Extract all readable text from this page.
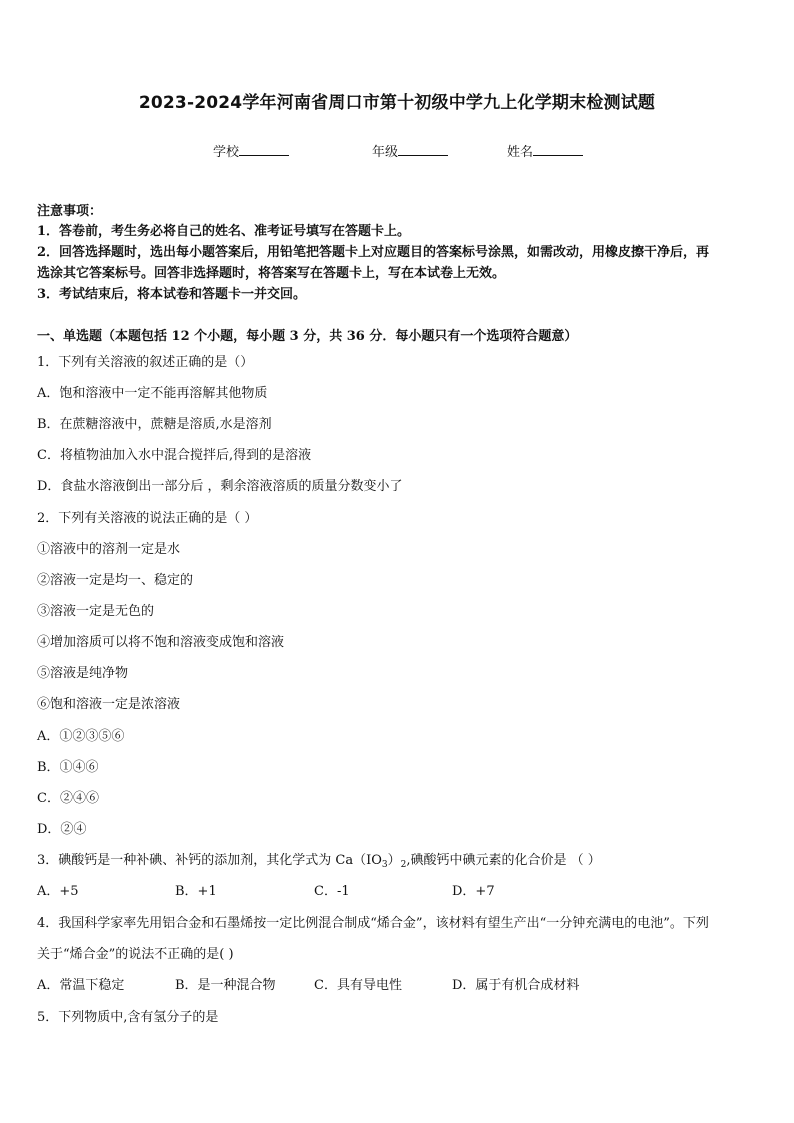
2023-2024学年河南省周口市第十初级中学九上化学期末检测试题
学校	年级	姓名
注意事项：
1．答卷前，考生务必将自己的姓名、准考证号填写在答题卡上。
2．回答选择题时，选出每小题答案后，用铅笔把答题卡上对应题目的答案标号涂黑，如需改动，用橡皮擦干净后，再
选涂其它答案标号。回答非选择题时，将答案写在答题卡上，写在本试卷上无效。
3．考试结束后，将本试卷和答题卡一并交回。
一、单选题（本题包括 12 个小题，每小题 3 分，共 36 分．每小题只有一个选项符合题意）
1．下列有关溶液的叙述正确的是（）
A．饱和溶液中一定不能再溶解其他物质
B．在蔗糖溶液中，蔗糖是溶质,水是溶剂
C．将植物油加入水中混合搅拌后,得到的是溶液
D．食盐水溶液倒出一部分后 ，剩余溶液溶质的质量分数变小了
2．下列有关溶液的说法正确的是（ ）
①溶液中的溶剂一定是水
②溶液一定是均一、稳定的
③溶液一定是无色的
④增加溶质可以将不饱和溶液变成饱和溶液
⑤溶液是纯净物
⑥饱和溶液一定是浓溶液
A．①②③⑤⑥
B．①④⑥
C．②④⑥
D．②④
3．碘酸钙是一种补碘、补钙的添加剂，其化学式为 $Ca(IO_3)_2$,碘酸钙中碘元素的化合价是 （ ）
A．+5	B．+1	C．-1	D．+7
4．我国科学家率先用铝合金和石墨烯按一定比例混合制成“烯合金”，该材料有望生产出“一分钟充满电的电池”。下列
关于“烯合金”的说法不正确的是( )
A．常温下稳定	B．是一种混合物	C．具有导电性	D．属于有机合成材料
5．下列物质中,含有氢分子的是
